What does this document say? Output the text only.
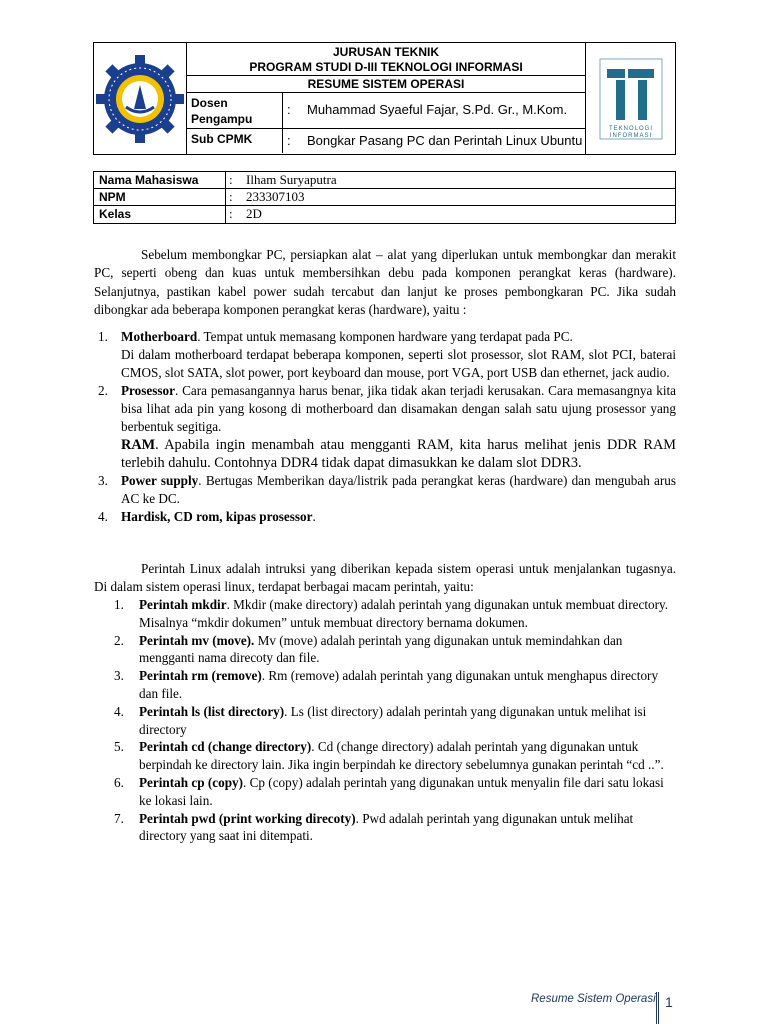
JURUSAN TEKNIK
PROGRAM STUDI D-III TEKNOLOGI INFORMASI
RESUME SISTEM OPERASI
Dosen Pengampu
: Muhammad Syaeful Fajar, S.Pd. Gr., M.Kom.
Sub CPMK	: Bongkar Pasang PC dan Perintah Linux Ubuntu
TEKNOLOGI
INFORMASI
Nama Mahasiswa : Ilham Suryaputra
NPM	: 233307103
Kelas	: 2D

Sebelum membongkar PC, persiapkan alat – alat yang diperlukan untuk membongkar dan merakit PC, seperti obeng dan kuas untuk membersihkan debu pada komponen perangkat keras (hardware). Selanjutnya, pastikan kabel power sudah tercabut dan lanjut ke proses pembongkaran PC. Jika sudah dibongkar ada beberapa komponen perangkat keras (hardware), yaitu :

1. Motherboard. Tempat untuk memasang komponen hardware yang terdapat pada PC.
Di dalam motherboard terdapat beberapa komponen, seperti slot prosessor, slot RAM, slot PCI, baterai CMOS, slot SATA, slot power, port keyboard dan mouse, port VGA, port USB dan ethernet, jack audio.
2. Prosessor. Cara pemasangannya harus benar, jika tidak akan terjadi kerusakan. Cara memasangnya kita bisa lihat ada pin yang kosong di motherboard dan disamakan dengan salah satu ujung prosessor yang berbentuk segitiga.
RAM. Apabila ingin menambah atau mengganti RAM, kita harus melihat jenis DDR RAM terlebih dahulu. Contohnya DDR4 tidak dapat dimasukkan ke dalam slot DDR3.
3. Power supply. Bertugas Memberikan daya/listrik pada perangkat keras (hardware) dan mengubah arus AC ke DC.
4. Hardisk, CD rom, kipas prosessor.

Perintah Linux adalah intruksi yang diberikan kepada sistem operasi untuk menjalankan tugasnya. Di dalam sistem operasi linux, terdapat berbagai macam perintah, yaitu:

1. Perintah mkdir. Mkdir (make directory) adalah perintah yang digunakan untuk membuat directory. Misalnya “mkdir dokumen” untuk membuat directory bernama dokumen.
2. Perintah mv (move). Mv (move) adalah perintah yang digunakan untuk memindahkan dan mengganti nama direcoty dan file.
3. Perintah rm (remove). Rm (remove) adalah perintah yang digunakan untuk menghapus directory dan file.
4. Perintah ls (list directory). Ls (list directory) adalah perintah yang digunakan untuk melihat isi directory
5. Perintah cd (change directory). Cd (change directory) adalah perintah yang digunakan untuk berpindah ke directory lain. Jika ingin berpindah ke directory sebelumnya gunakan perintah “cd ..”.
6. Perintah cp (copy). Cp (copy) adalah perintah yang digunakan untuk menyalin file dari satu lokasi ke lokasi lain.
7. Perintah pwd (print working direcoty). Pwd adalah perintah yang digunakan untuk melihat directory yang saat ini ditempati.
Resume Sistem Operasi 1
